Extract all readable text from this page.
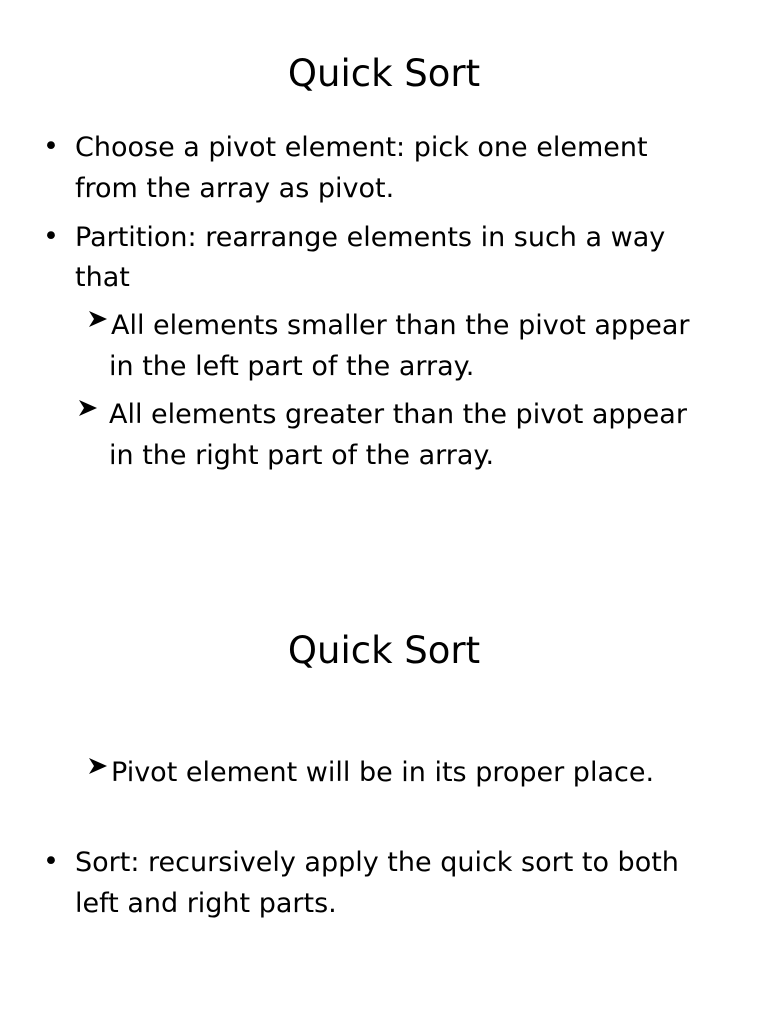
Quick Sort
• Choose a pivot element: pick one element
from the array as pivot.
• Partition: rearrange elements in such a way
that
All elements smaller than the pivot appear
in the left part of the array.
All elements greater than the pivot appear
in the right part of the array.
Quick Sort
Pivot element will be in its proper place.
• Sort: recursively apply the quick sort to both
left and right parts.
